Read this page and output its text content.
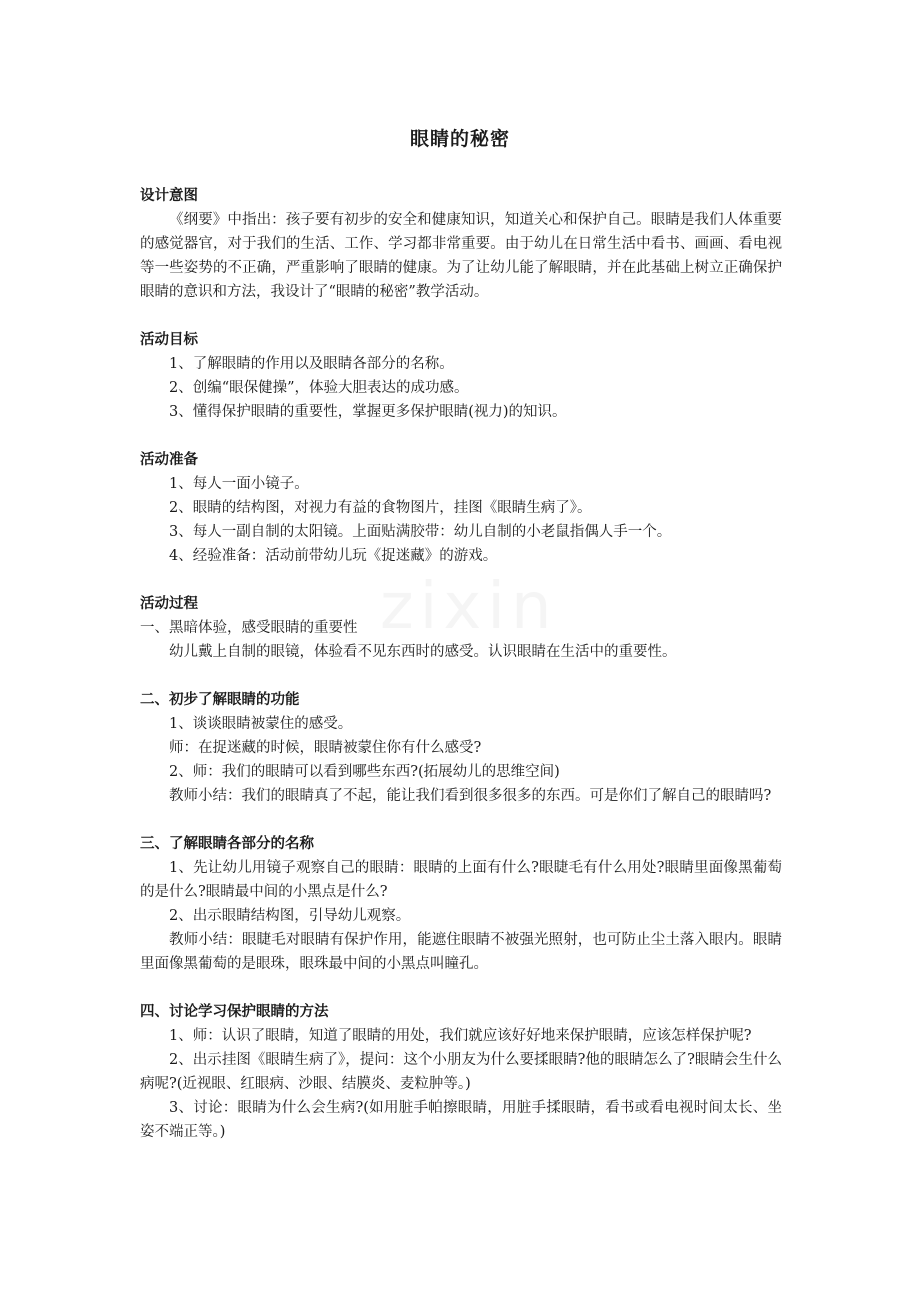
zixin
眼睛的秘密
设计意图
《纲要》中指出：孩子要有初步的安全和健康知识，知道关心和保护自己。眼睛是我们人体重要的感觉器官，对于我们的生活、工作、学习都非常重要。由于幼儿在日常生活中看书、画画、看电视等一些姿势的不正确，严重影响了眼睛的健康。为了让幼儿能了解眼睛，并在此基础上树立正确保护眼睛的意识和方法，我设计了“眼睛的秘密”教学活动。
活动目标
1、了解眼睛的作用以及眼睛各部分的名称。
2、创编“眼保健操”，体验大胆表达的成功感。
3、懂得保护眼睛的重要性，掌握更多保护眼睛(视力)的知识。
活动准备
1、每人一面小镜子。
2、眼睛的结构图，对视力有益的食物图片，挂图《眼睛生病了》。
3、每人一副自制的太阳镜。上面贴满胶带：幼儿自制的小老鼠指偶人手一个。
4、经验准备：活动前带幼儿玩《捉迷藏》的游戏。
活动过程
一、黑暗体验，感受眼睛的重要性
幼儿戴上自制的眼镜，体验看不见东西时的感受。认识眼睛在生活中的重要性。
二、初步了解眼睛的功能
1、谈谈眼睛被蒙住的感受。
师：在捉迷藏的时候，眼睛被蒙住你有什么感受?
2、师：我们的眼睛可以看到哪些东西?(拓展幼儿的思维空间)
教师小结：我们的眼睛真了不起，能让我们看到很多很多的东西。可是你们了解自己的眼睛吗?
三、了解眼睛各部分的名称
1、先让幼儿用镜子观察自己的眼睛：眼睛的上面有什么?眼睫毛有什么用处?眼睛里面像黑葡萄的是什么?眼睛最中间的小黑点是什么?
2、出示眼睛结构图，引导幼儿观察。
教师小结：眼睫毛对眼睛有保护作用，能遮住眼睛不被强光照射，也可防止尘土落入眼内。眼睛里面像黑葡萄的是眼珠，眼珠最中间的小黑点叫瞳孔。
四、讨论学习保护眼睛的方法
1、师：认识了眼睛，知道了眼睛的用处，我们就应该好好地来保护眼睛，应该怎样保护呢?
2、出示挂图《眼睛生病了》，提问：这个小朋友为什么要揉眼睛?他的眼睛怎么了?眼睛会生什么病呢?(近视眼、红眼病、沙眼、结膜炎、麦粒肿等。)
3、讨论：眼睛为什么会生病?(如用脏手帕擦眼睛，用脏手揉眼睛，看书或看电视时间太长、坐姿不端正等。)
